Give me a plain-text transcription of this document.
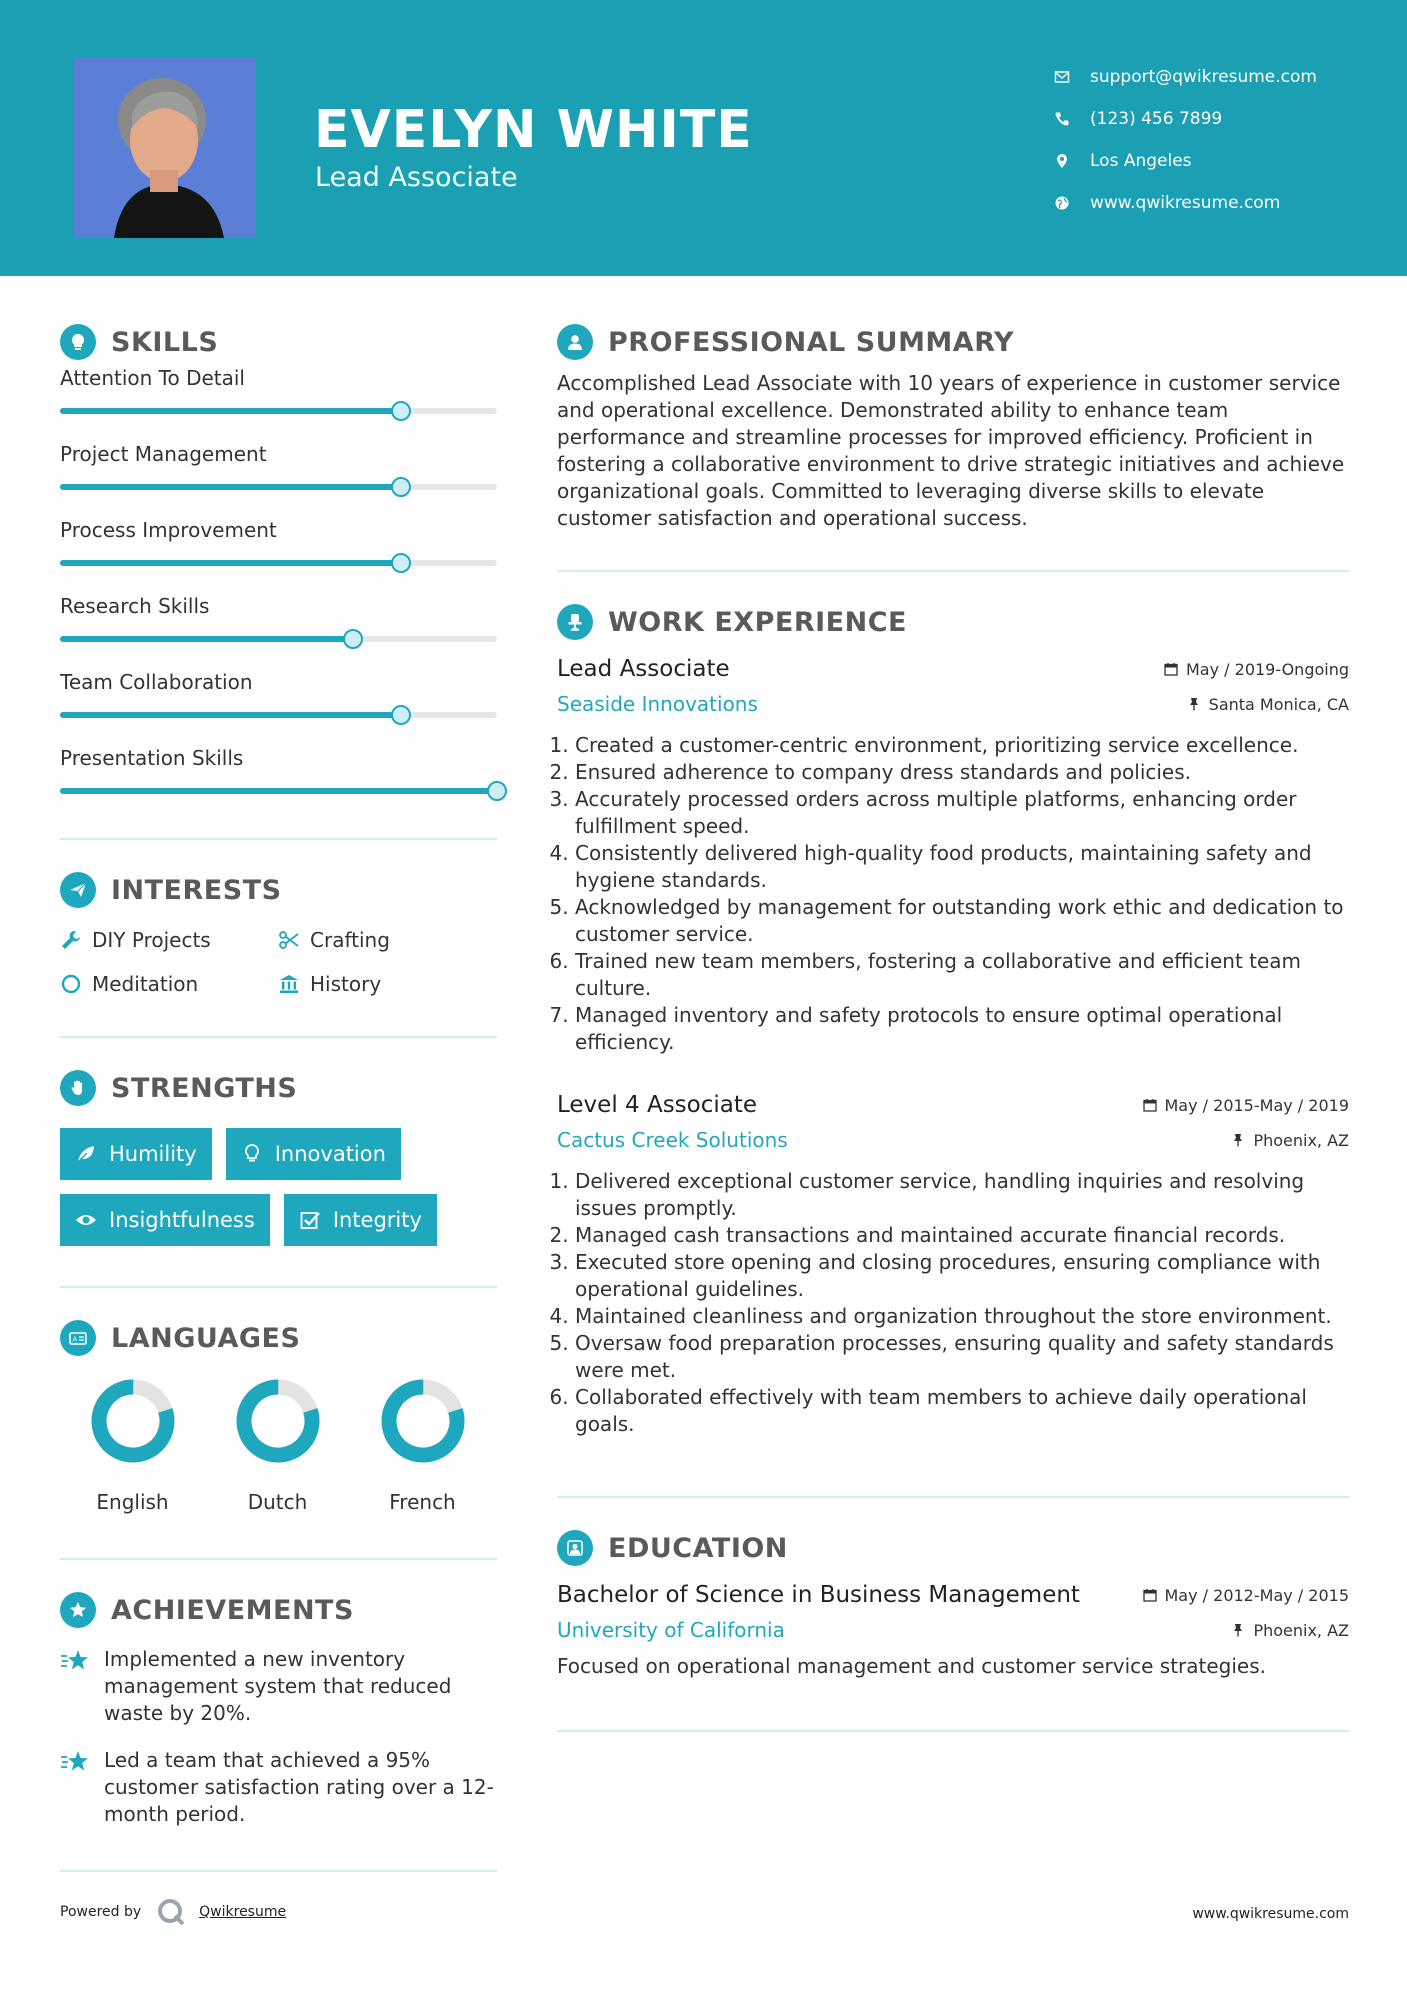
EVELYN WHITE
Lead Associate
support@qwikresume.com
(123) 456 7899
Los Angeles
www.qwikresume.com
SKILLS
Attention To Detail
Project Management
Process Improvement
Research Skills
Team Collaboration
Presentation Skills
INTERESTS
DIY Projects	Crafting
Meditation	History
STRENGTHS
Humility	Innovation
Insightfulness	Integrity
A LANGUAGES
English	Dutch	French
ACHIEVEMENTS
Implemented a new inventory management system that reduced waste by 20%.
Led a team that achieved a 95% customer satisfaction rating over a 12-month period.
PROFESSIONAL SUMMARY

Accomplished Lead Associate with 10 years of experience in customer service and operational excellence. Demonstrated ability to enhance team performance and streamline processes for improved efficiency. Proficient in fostering a collaborative environment to drive strategic initiatives and achieve organizational goals. Committed to leveraging diverse skills to elevate customer satisfaction and operational success.

WORK EXPERIENCE
Lead Associate	May / 2019-Ongoing
Seaside Innovations	Santa Monica, CA
1. Created a customer-centric environment, prioritizing service excellence.
2. Ensured adherence to company dress standards and policies.
3. Accurately processed orders across multiple platforms, enhancing order fulfillment speed.
4. Consistently delivered high-quality food products, maintaining safety and hygiene standards.
5. Acknowledged by management for outstanding work ethic and dedication to customer service.
6. Trained new team members, fostering a collaborative and efficient team culture.
7. Managed inventory and safety protocols to ensure optimal operational efficiency.
Level 4 Associate	May / 2015-May / 2019
Cactus Creek Solutions	Phoenix, AZ
1. Delivered exceptional customer service, handling inquiries and resolving issues promptly.
2. Managed cash transactions and maintained accurate financial records.
3. Executed store opening and closing procedures, ensuring compliance with operational guidelines.
4. Maintained cleanliness and organization throughout the store environment.
5. Oversaw food preparation processes, ensuring quality and safety standards were met.
6. Collaborated effectively with team members to achieve daily operational goals.
EDUCATION
Bachelor of Science in Business Management	May / 2012-May / 2015
University of California	Phoenix, AZ

Focused on operational management and customer service strategies.

Powered by	Qwikresume	www.qwikresume.com
